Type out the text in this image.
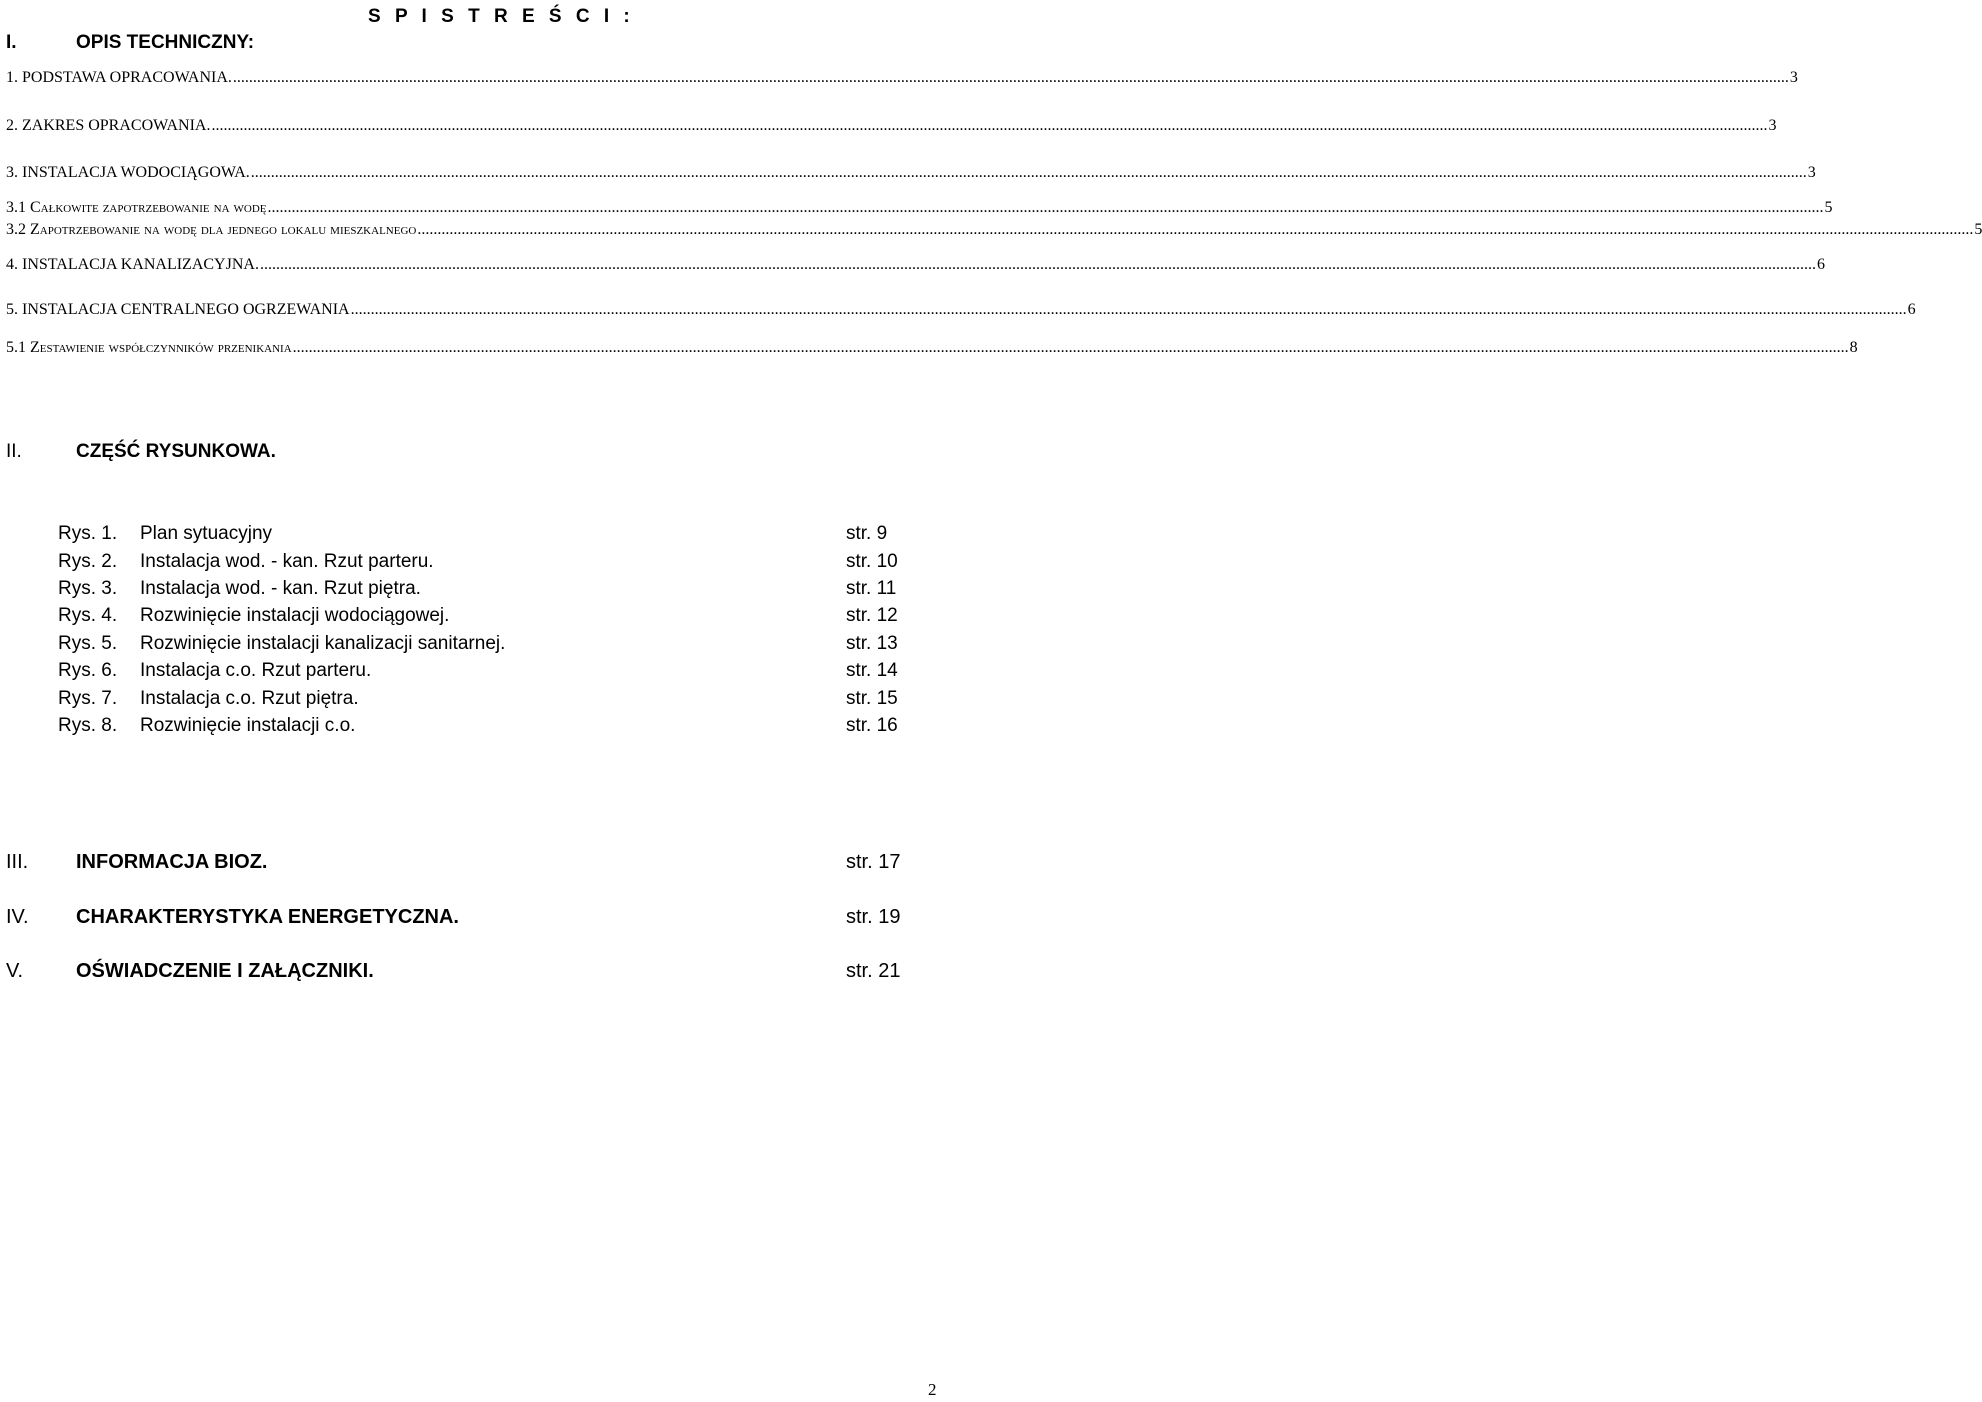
S P I S T R E Ś C I :
I.	OPIS TECHNICZNY:
1. PODSTAWA OPRACOWANIA. .....	3
2. ZAKRES OPRACOWANIA. .....	3
3. INSTALACJA WODOCIĄGOWA. .....	3
3.1 Całkowite zapotrzebowanie na wodę .....	5
3.2 Zapotrzebowanie na wodę dla jednego lokalu mieszkalnego .....	5
4. INSTALACJA KANALIZACYJNA. .....	6
5. INSTALACJA CENTRALNEGO OGRZEWANIA .....	6
5.1 Zestawienie współczynników przenikania .....	8
II.	CZĘŚĆ RYSUNKOWA.
Rys. 1. Plan sytuacyjny	str. 9
Rys. 2. Instalacja wod. - kan. Rzut parteru.	str. 10
Rys. 3. Instalacja wod. - kan. Rzut piętra.	str. 11
Rys. 4. Rozwinięcie instalacji wodociągowej.	str. 12
Rys. 5. Rozwinięcie instalacji kanalizacji sanitarnej.	str. 13
Rys. 6. Instalacja c.o. Rzut parteru.	str. 14
Rys. 7. Instalacja c.o. Rzut piętra.	str. 15
Rys. 8. Rozwinięcie instalacji c.o.	str. 16
III. INFORMACJA BIOZ.	str. 17
IV. CHARAKTERYSTYKA ENERGETYCZNA.	str. 19
V.	OŚWIADCZENIE I ZAŁĄCZNIKI.	str. 21
2
